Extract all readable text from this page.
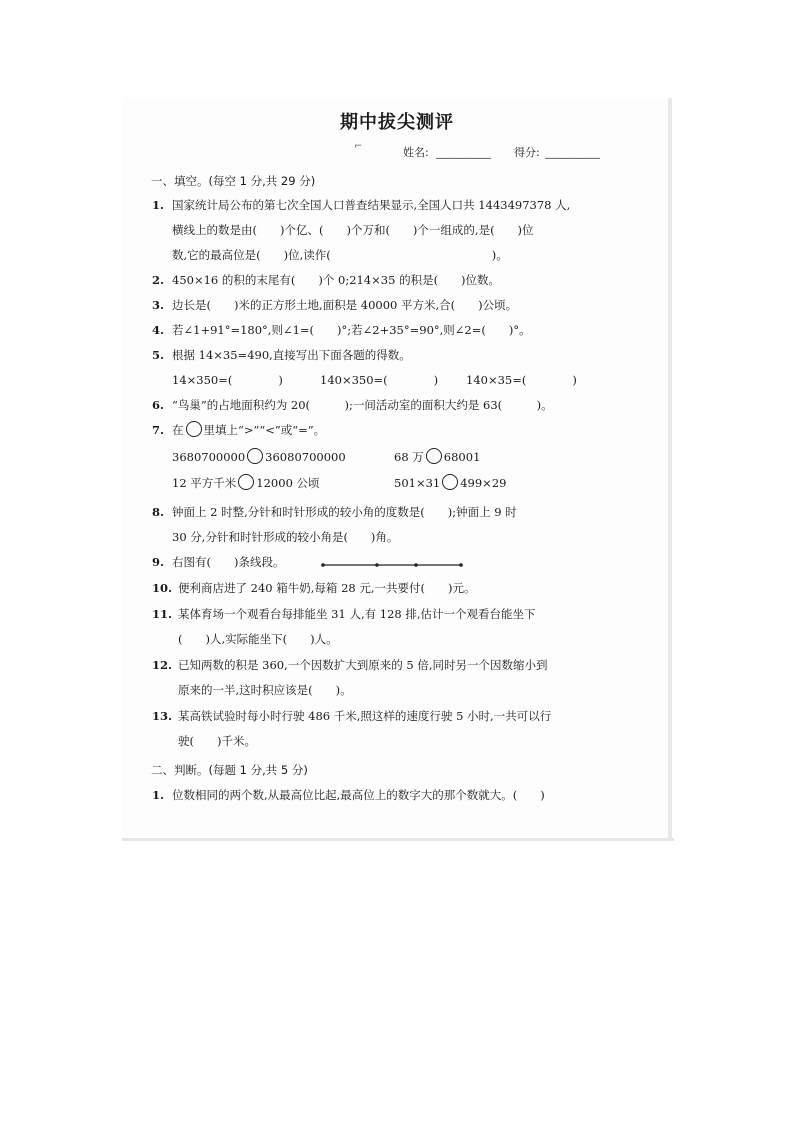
期中拔尖测评
⌐	姓名: __________ 得分: __________
一、填空。(每空 1 分,共 29 分)
1. 国家统计局公布的第七次全国人口普查结果显示,全国人口共 1443497378 人,
横线上的数是由(　　)个亿、(　　)个万和(　　)个一组成的,是(　　)位
数,它的最高位是(　　)位,读作(　　　　　　　　　　　　　　)。
2. 450×16 的积的末尾有(　　)个 0;214×35 的积是(　　)位数。
3. 边长是(　　)米的正方形土地,面积是 40000 平方米,合(　　)公顷。
4. 若∠1+91°=180°,则∠1=(　　)°;若∠2+35°=90°,则∠2=(　　)°。
5. 根据 14×35=490,直接写出下面各题的得数。
14×350=(　　　　)	140×350=(　　　　) 140×35=(　　　　)
6. “鸟巢”的占地面积约为 20(　　　);一间活动室的面积大约是 63(　　　)。
7. 在 里填上“>”“<”或“=”。
3680700000 36080700000	68 万 68001
12 平方千米 12000 公顷	501×31 499×29
8. 钟面上 2 时整,分针和时针形成的较小角的度数是(　　);钟面上 9 时
30 分,分针和时针形成的较小角是(　　)角。
9. 右图有(　　)条线段。
10. 便利商店进了 240 箱牛奶,每箱 28 元,一共要付(　　)元。
11. 某体育场一个观看台每排能坐 31 人,有 128 排,估计一个观看台能坐下
(　　)人,实际能坐下(　　)人。
12. 已知两数的积是 360,一个因数扩大到原来的 5 倍,同时另一个因数缩小到
原来的一半,这时积应该是(　　)。
13. 某高铁试验时每小时行驶 486 千米,照这样的速度行驶 5 小时,一共可以行
驶(　　)千米。
二、判断。(每题 1 分,共 5 分)
1. 位数相同的两个数,从最高位比起,最高位上的数字大的那个数就大。(　　)
